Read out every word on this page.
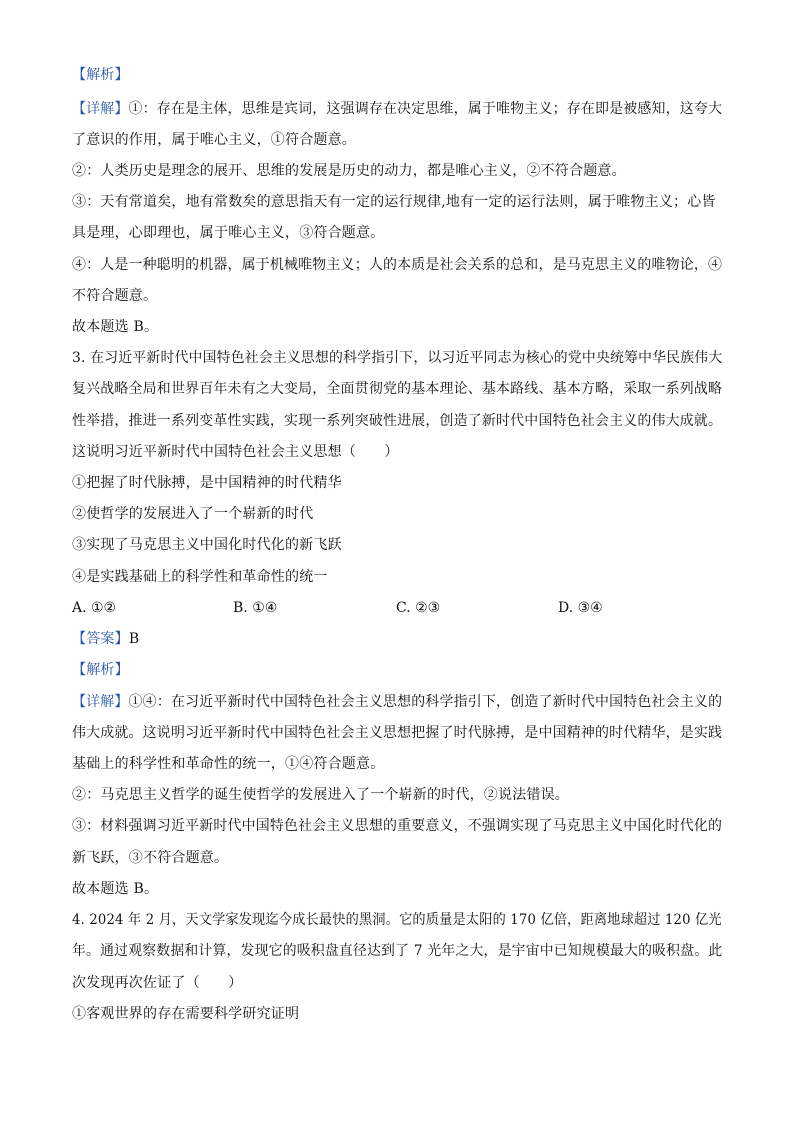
【解析】
【详解】①：存在是主体，思维是宾词，这强调存在决定思维，属于唯物主义；存在即是被感知，这夸大
了意识的作用，属于唯心主义，①符合题意。
②：人类历史是理念的展开、思维的发展是历史的动力，都是唯心主义，②不符合题意。
③：天有常道矣，地有常数矣的意思指天有一定的运行规律,地有一定的运行法则，属于唯物主义；心皆
具是理，心即理也，属于唯心主义，③符合题意。
④：人是一种聪明的机器，属于机械唯物主义；人的本质是社会关系的总和，是马克思主义的唯物论，④
不符合题意。
故本题选 B。
3. 在习近平新时代中国特色社会主义思想的科学指引下，以习近平同志为核心的党中央统筹中华民族伟大
复兴战略全局和世界百年未有之大变局，全面贯彻党的基本理论、基本路线、基本方略，采取一系列战略
性举措，推进一系列变革性实践，实现一系列突破性进展，创造了新时代中国特色社会主义的伟大成就。
这说明习近平新时代中国特色社会主义思想（　　）
①把握了时代脉搏，是中国精神的时代精华
②使哲学的发展进入了一个崭新的时代
③实现了马克思主义中国化时代化的新飞跃
④是实践基础上的科学性和革命性的统一
A. ①②	B. ①④	C. ②③	D. ③④
【答案】B
【解析】
【详解】①④：在习近平新时代中国特色社会主义思想的科学指引下，创造了新时代中国特色社会主义的
伟大成就。这说明习近平新时代中国特色社会主义思想把握了时代脉搏，是中国精神的时代精华，是实践
基础上的科学性和革命性的统一，①④符合题意。
②：马克思主义哲学的诞生使哲学的发展进入了一个崭新的时代，②说法错误。
③：材料强调习近平新时代中国特色社会主义思想的重要意义，不强调实现了马克思主义中国化时代化的
新飞跃，③不符合题意。
故本题选 B。
4. 2024 年 2 月，天文学家发现迄今成长最快的黑洞。它的质量是太阳的 170 亿倍，距离地球超过 120 亿光
年。通过观察数据和计算，发现它的吸积盘直径达到了 7 光年之大，是宇宙中已知规模最大的吸积盘。此
次发现再次佐证了（　　）
①客观世界的存在需要科学研究证明
